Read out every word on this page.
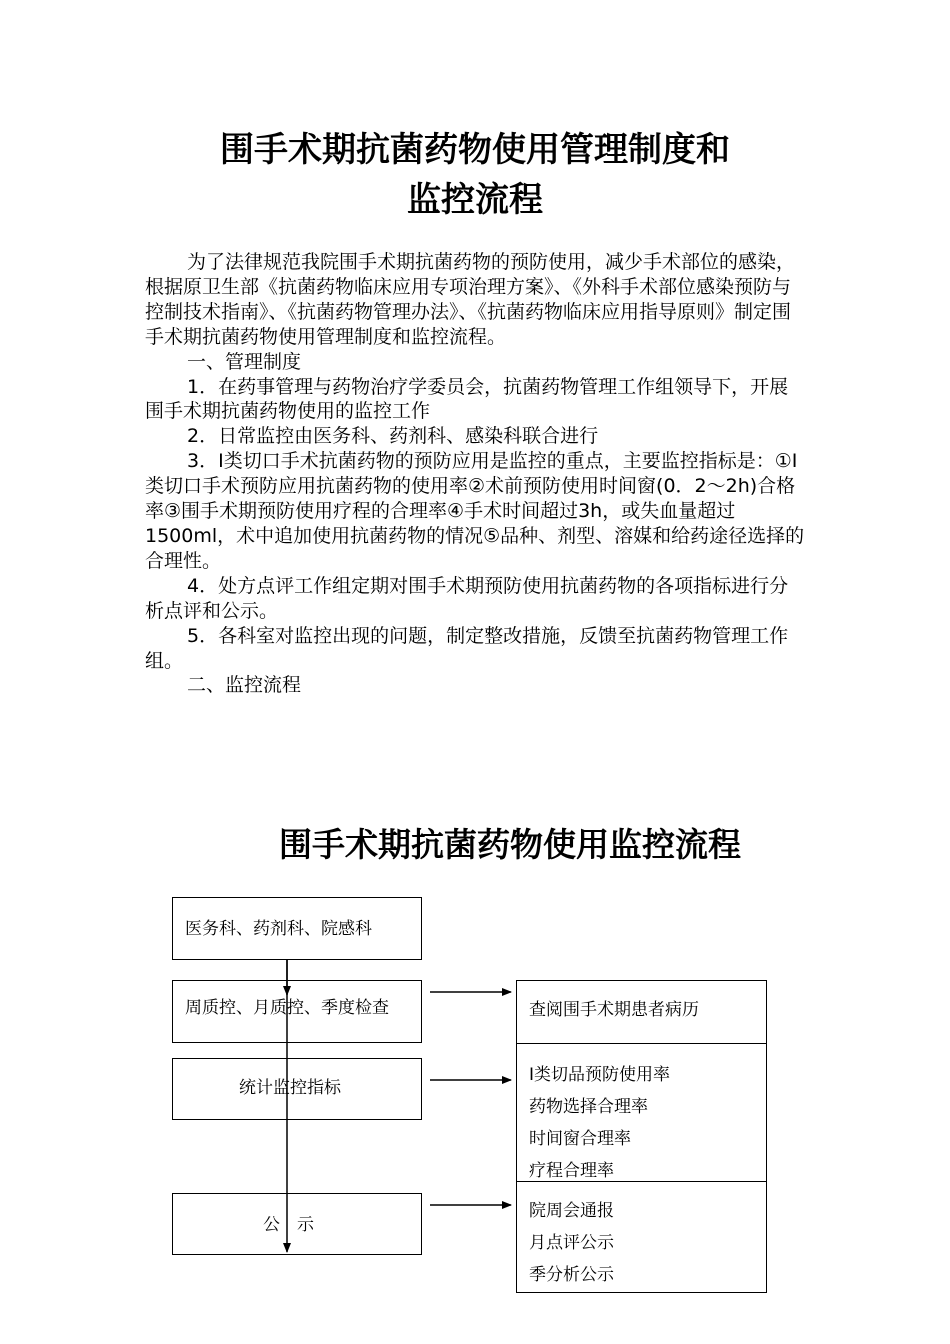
围手术期抗菌药物使用管理制度和
监控流程

为了法律规范我院围手术期抗菌药物的预防使用，减少手术部位的感染，根据原卫生部《抗菌药物临床应用专项治理方案》、《外科手术部位感染预防与控制技术指南》、《抗菌药物管理办法》、《抗菌药物临床应用指导原则》制定围手术期抗菌药物使用管理制度和监控流程。

一、管理制度

1．在药事管理与药物治疗学委员会，抗菌药物管理工作组领导下，开展围手术期抗菌药物使用的监控工作

2．日常监控由医务科、药剂科、感染科联合进行

3．I类切口手术抗菌药物的预防应用是监控的重点，主要监控指标是：①I类切口手术预防应用抗菌药物的使用率②术前预防使用时间窗(0．2～2h)合格率③围手术期预防使用疗程的合理率④手术时间超过3h，或失血量超过1500ml，术中追加使用抗菌药物的情况⑤品种、剂型、溶媒和给药途径选择的合理性。

4．处方点评工作组定期对围手术期预防使用抗菌药物的各项指标进行分析点评和公示。

5．各科室对监控出现的问题，制定整改措施，反馈至抗菌药物管理工作组。

二、监控流程

围手术期抗菌药物使用监控流程
医务科、药剂科、院感科
周质控、月质控、季度检查
统计监控指标
公　示
查阅围手术期患者病历
I类切品预防使用率
药物选择合理率
时间窗合理率
疗程合理率
院周会通报
月点评公示
季分析公示
